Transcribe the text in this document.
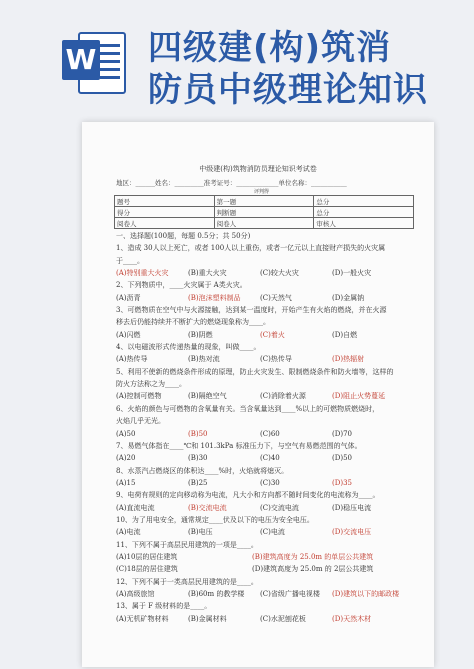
W 四级建(构)筑消
防员中级理论知识
中级建(构)筑物消防员理论知识考试卷
地区：______姓名：_________准考证号：_____________单位名称：___________
题号	第一题	总分
得分	判断题	总分
阅卷人	阅卷人	审核人
评判得
一、选择题(100题，每题 0.5分；共 50分)
1、造成 30人以上死亡，或者 100人以上重伤，或者一亿元以上直接财产损失的火灾属
于____。
(A)特别重大火灾	(B)重大火灾	(C)较大火灾	(D)一般火灾
2、下列物质中，____火灾属于 A类火灾。
(A)沥青	(B)泡沫塑料制品	(C)天然气	(D)金属钠
3、可燃物质在空气中与火源接触，达到某一温度时，开始产生有火焰的燃烧，并在火源
移去后仍能持续并不断扩大的燃烧现象称为____。
(A)闪燃	(B)阴燃	(C)着火	(D)自燃
4、以电磁波形式传递热量的现象，叫做____。
(A)热传导	(B)热对流	(C)热传导	(D)热辐射
5、利用不使新的燃烧条件形成的原理，防止火灾发生、限制燃烧条件和防火墙等，这样的
防火方法称之为____。
(A)控制可燃物	(B)隔绝空气	(C)消除着火源	(D)阻止火势蔓延
6、火焰的颜色与可燃物的含氧量有关。当含氧量达到____%以上的可燃物质燃烧时，
火焰几乎无光。
(A)50	(B)50	(C)60	(D)70
7、易燃气体指在____℃和 101.3kPa 标准压力下，与空气有易燃范围的气体。
(A)20	(B)30	(C)40	(D)50
8、水蒸汽占燃烧区的体积达____%时，火焰就将熄灭。
(A)15	(B)25	(C)30	(D)35
9、电荷有规则的定向移动称为电流，凡大小和方向都不随时间变化的电流称为____。
(A)直流电流	(B)交流电流	(C)交流电流	(D)稳压电流
10、为了用电安全，通常规定____伏及以下的电压为安全电压。
(A)电流	(B)电压	(C)电流	(D)交流电压
11、下列不属于高层民用建筑的一项是____。
(A)10层的居住建筑	(B)建筑高度为 25.0m 的单层公共建筑
(C)18层的居住建筑	(D)建筑高度为 25.0m 的 2层公共建筑
12、下列不属于一类高层民用建筑的是____。
(A)高级旅馆	(B)60m 的教学楼 (C)省级广播电视楼 (D)建筑以下的邮政楼
13、属于 F 级材料的是____。
(A)无机矿物材料	(B)金属材料	(C)水泥刨花板	(D)天然木材
